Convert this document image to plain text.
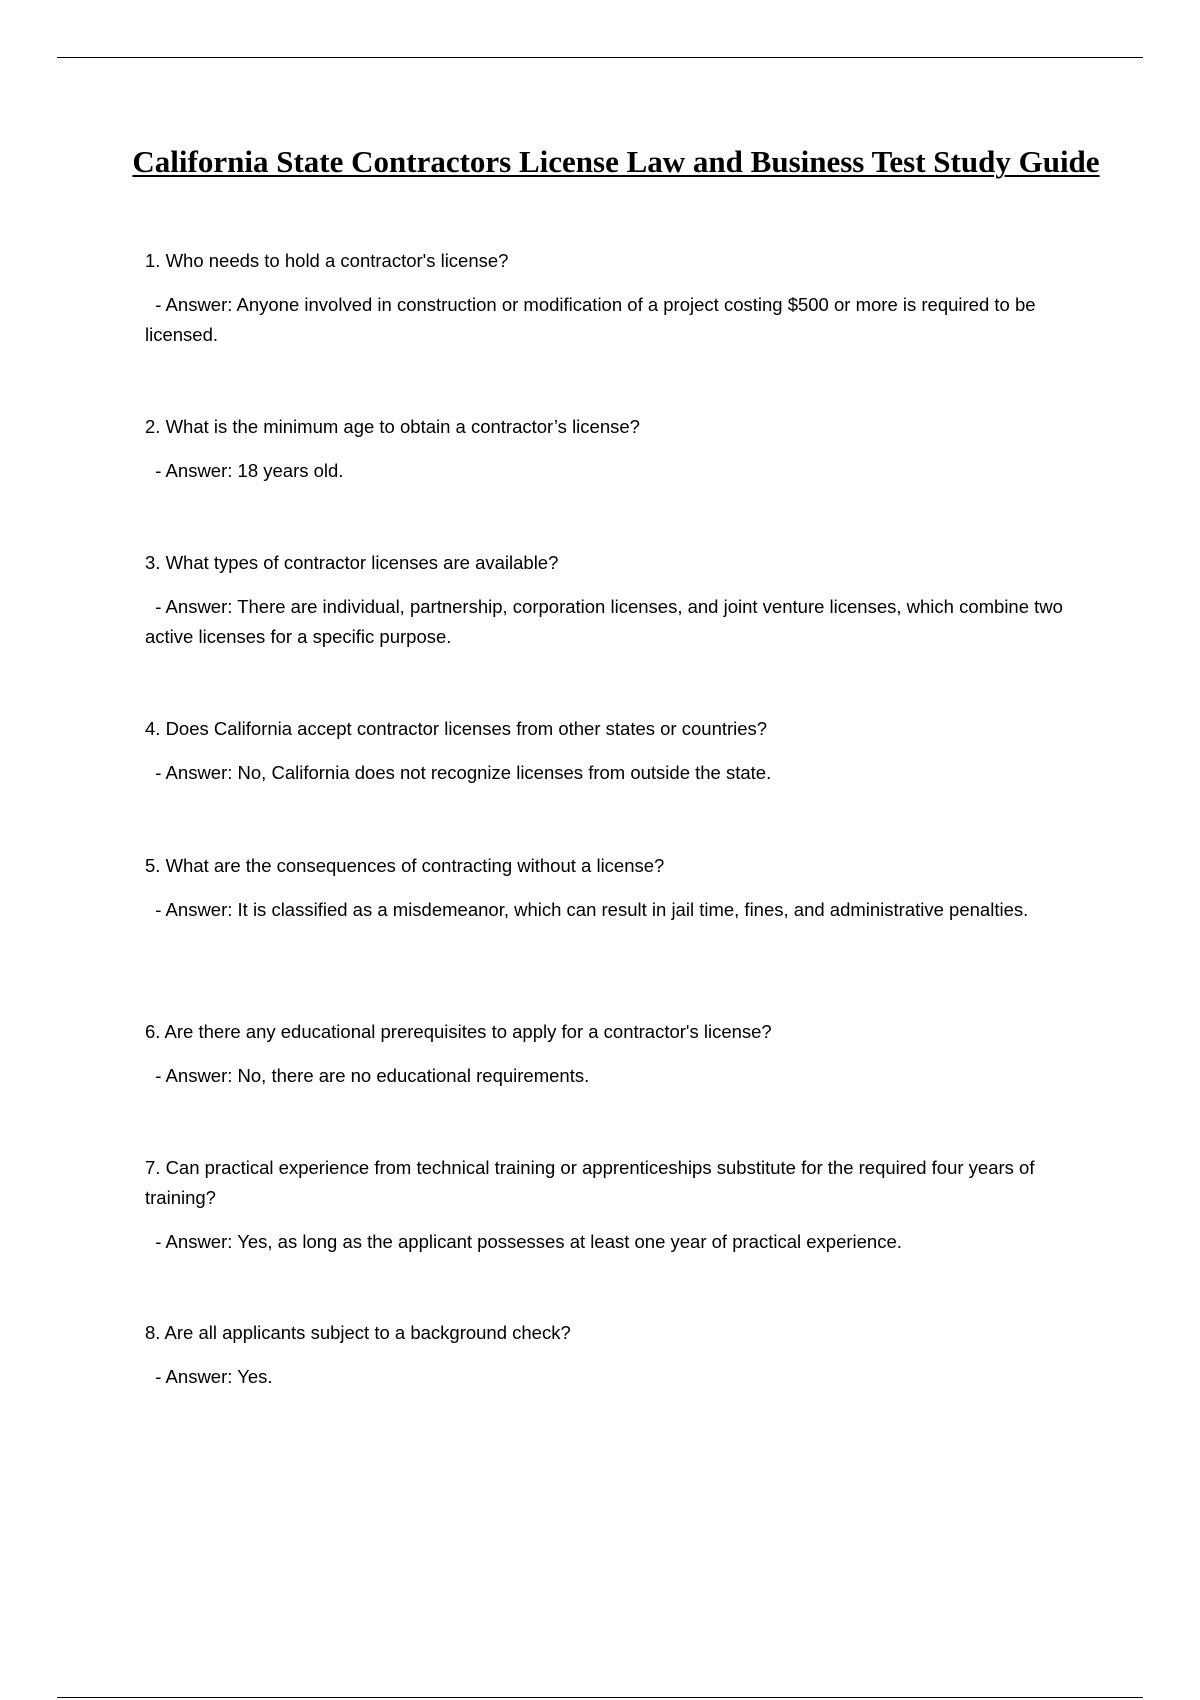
California State Contractors License Law and Business Test Study Guide

1. Who needs to hold a contractor's license?

- Answer: Anyone involved in construction or modification of a project costing $500 or more is required to be licensed.

2. What is the minimum age to obtain a contractor’s license?

- Answer: 18 years old.

3. What types of contractor licenses are available?

- Answer: There are individual, partnership, corporation licenses, and joint venture licenses, which combine two active licenses for a specific purpose.

4. Does California accept contractor licenses from other states or countries?

- Answer: No, California does not recognize licenses from outside the state.

5. What are the consequences of contracting without a license?

- Answer: It is classified as a misdemeanor, which can result in jail time, fines, and administrative penalties.

6. Are there any educational prerequisites to apply for a contractor's license?

- Answer: No, there are no educational requirements.

7. Can practical experience from technical training or apprenticeships substitute for the required four years of training?

- Answer: Yes, as long as the applicant possesses at least one year of practical experience.

8. Are all applicants subject to a background check?

- Answer: Yes.
